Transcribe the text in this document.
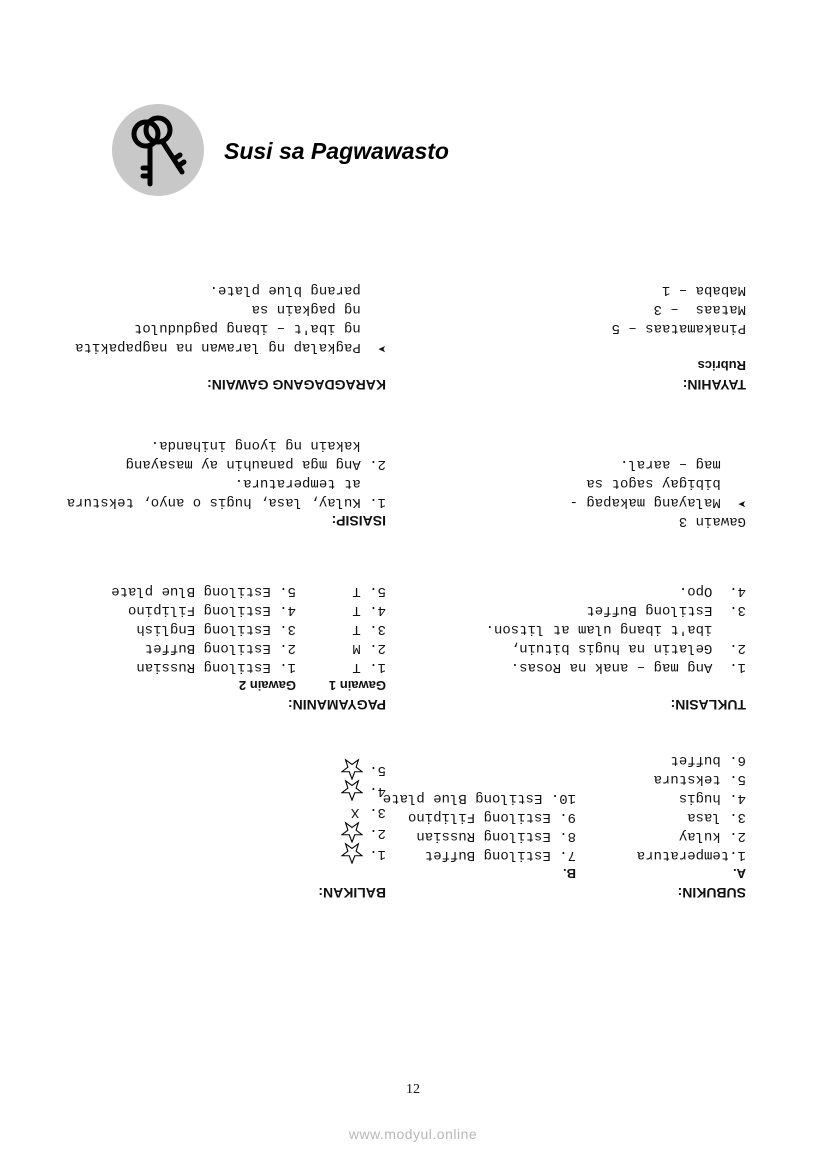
Susi sa Pagwawasto
SUBUKIN:
A.
1.temperatura
2. kulay
3. lasa
4. hugis
5. tekstura
6. buffet
B.
7. Estilong Buffet
8. Estilong Russian
9. Estilong Filipino
10. Estilong Blue plate
TUKLASIN:
1.  Ang mag – anak na Rosas.
2.  Gelatin na hugis bituin,
iba't ibang ulam at litson.
3.  Estilong Buffet
4.  Opo.
Gawain 3
➤  Malayang makapag -
bibigay sagot sa
mag – aaral.
TAYAHIN:
Rubrics
Pinakamataas – 5
Mataas  – 3
Mababa – 1
BALIKAN:
1.
2.
3.
X
4.
5.
PAGYAMANIN:
Gawain 1
1. T
2. M
3. T
4. T
5. T
Gawain 2
1. Estilong Russian
2. Estilong Buffet
3. Estilong English
4. Estilong Filipino
5. Estilong Blue plate
ISAISIP:
1. Kulay, lasa, hugis o anyo, tekstura
at temperatura.
2. Ang mga panauhin ay masayang
kakain ng iyong inihanda.
KARAGDAGANG GAWAIN:
➤  Pagkalap ng larawan na nagpapakita
ng iba't – ibang pagdudulot
ng pagkain sa
parang blue plate.
12
www.modyul.online
